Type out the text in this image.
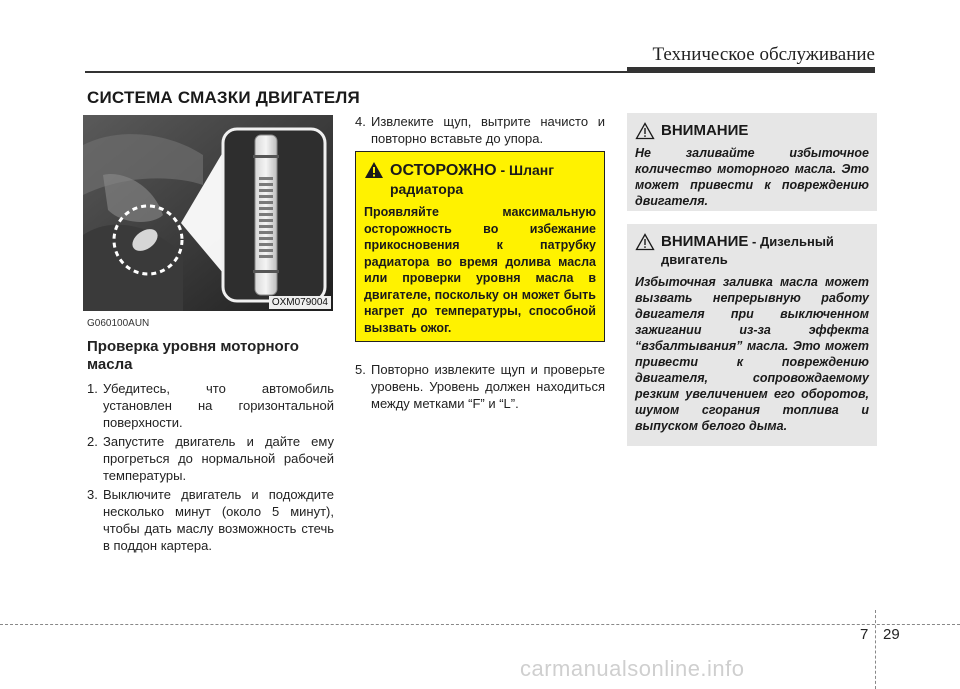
Техническое обслуживание
СИСТЕМА СМАЗКИ ДВИГАТЕЛЯ
OXM079004
G060100AUN
Проверка уровня моторного масла
1. Убедитесь, что автомобиль установлен на горизонтальной поверхности.
2. Запустите двигатель и дайте ему прогреться до нормальной рабочей температуры.
3. Выключите двигатель и подождите несколько минут (около 5 минут), чтобы дать маслу возможность стечь в поддон картера.
4. Извлеките щуп, вытрите начисто и повторно вставьте до упора.
ОСТОРОЖНО - Шланг радиатора
Проявляйте максимальную осторожность во избежание прикосновения к патрубку радиатора во время долива масла или проверки уровня масла в двигателе, поскольку он может быть нагрет до температуры, способной вызвать ожог.
5. Повторно извлеките щуп и проверьте уровень. Уровень должен находиться между метками “F” и “L”.
ВНИМАНИЕ
Не заливайте избыточное количество моторного масла. Это может привести к повреждению двигателя.
ВНИМАНИЕ - Дизельный двигатель
Избыточная заливка масла может вызвать непрерывную работу двигателя при выключенном зажигании из-за эффекта “взбалтывания” масла. Это может привести к повреждению двигателя, сопровождаемому резким увеличением его оборотов, шумом сгорания топлива и выпуском белого дыма.
7 29
carmanualsonline.info
